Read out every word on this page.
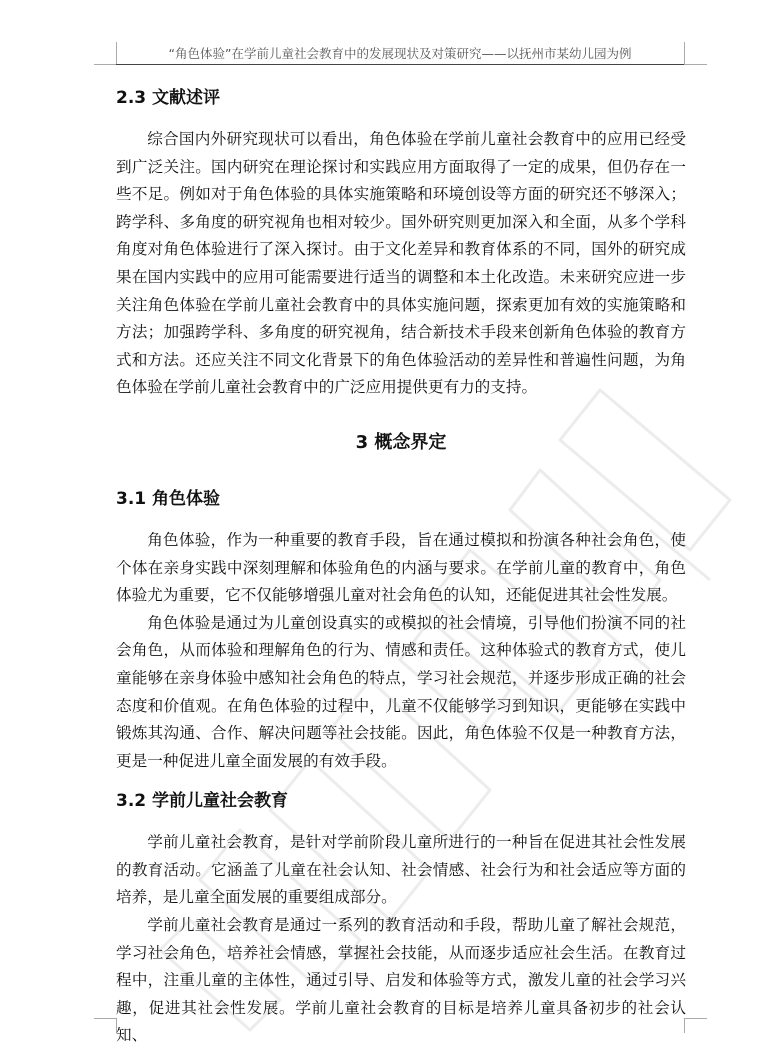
“角色体验”在学前儿童社会教育中的发展现状及对策研究——以抚州市某幼儿园为例
2.3 文献述评

综合国内外研究现状可以看出，角色体验在学前儿童社会教育中的应用已经受到广泛关注。国内研究在理论探讨和实践应用方面取得了一定的成果，但仍存在一些不足。例如对于角色体验的具体实施策略和环境创设等方面的研究还不够深入；跨学科、多角度的研究视角也相对较少。国外研究则更加深入和全面，从多个学科角度对角色体验进行了深入探讨。由于文化差异和教育体系的不同，国外的研究成果在国内实践中的应用可能需要进行适当的调整和本土化改造。未来研究应进一步关注角色体验在学前儿童社会教育中的具体实施问题，探索更加有效的实施策略和方法；加强跨学科、多角度的研究视角，结合新技术手段来创新角色体验的教育方式和方法。还应关注不同文化背景下的角色体验活动的差异性和普遍性问题，为角色体验在学前儿童社会教育中的广泛应用提供更有力的支持。

3 概念界定
3.1 角色体验

角色体验，作为一种重要的教育手段，旨在通过模拟和扮演各种社会角色，使个体在亲身实践中深刻理解和体验角色的内涵与要求。在学前儿童的教育中，角色体验尤为重要，它不仅能够增强儿童对社会角色的认知，还能促进其社会性发展。

角色体验是通过为儿童创设真实的或模拟的社会情境，引导他们扮演不同的社会角色，从而体验和理解角色的行为、情感和责任。这种体验式的教育方式，使儿童能够在亲身体验中感知社会角色的特点，学习社会规范，并逐步形成正确的社会态度和价值观。在角色体验的过程中，儿童不仅能够学习到知识，更能够在实践中锻炼其沟通、合作、解决问题等社会技能。因此，角色体验不仅是一种教育方法，更是一种促进儿童全面发展的有效手段。

3.2 学前儿童社会教育

学前儿童社会教育，是针对学前阶段儿童所进行的一种旨在促进其社会性发展的教育活动。它涵盖了儿童在社会认知、社会情感、社会行为和社会适应等方面的培养，是儿童全面发展的重要组成部分。

学前儿童社会教育是通过一系列的教育活动和手段，帮助儿童了解社会规范，学习社会角色，培养社会情感，掌握社会技能，从而逐步适应社会生活。在教育过程中，注重儿童的主体性，通过引导、启发和体验等方式，激发儿童的社会学习兴趣，促进其社会性发展。学前儿童社会教育的目标是培养儿童具备初步的社会认知、
